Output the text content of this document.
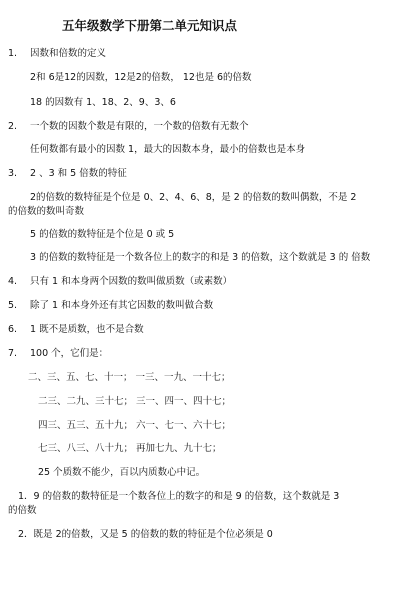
五年级数学下册第二单元知识点
1. 因数和倍数的定义
2和 6是12的因数，12是2的倍数， 12也是 6的倍数
18 的因数有 1、18、2、9、3、6
2. 一个数的因数个数是有限的，一个数的倍数有无数个
任何数都有最小的因数 1，最大的因数本身，最小的倍数也是本身
3. 2 、3 和 5 倍数的特征
2的倍数的数特征是个位是 0、2、4、6、8，是 2 的倍数的数叫偶数，不是 2
的倍数的数叫奇数
5 的倍数的数特征是个位是 0 或 5
3 的倍数的数特征是一个数各位上的数字的和是 3 的倍数，这个数就是 3 的 倍数
4. 只有 1 和本身两个因数的数叫做质数（或素数）
5. 除了 1 和本身外还有其它因数的数叫做合数
6. 1 既不是质数，也不是合数
7. 100 个，它们是：
二、三、五、七、十一； 一三、一九、一十七；
二三、二九、三十七； 三一、四一、四十七；
四三、五三、五十九； 六一、七一、六十七；
七三、八三、八十九； 再加七九、九十七；
25 个质数不能少，百以内质数心中记。
1．9 的倍数的数特征是一个数各位上的数字的和是 9 的倍数，这个数就是 3
的倍数
2．既是 2的倍数，又是 5 的倍数的数的特征是个位必须是 0
